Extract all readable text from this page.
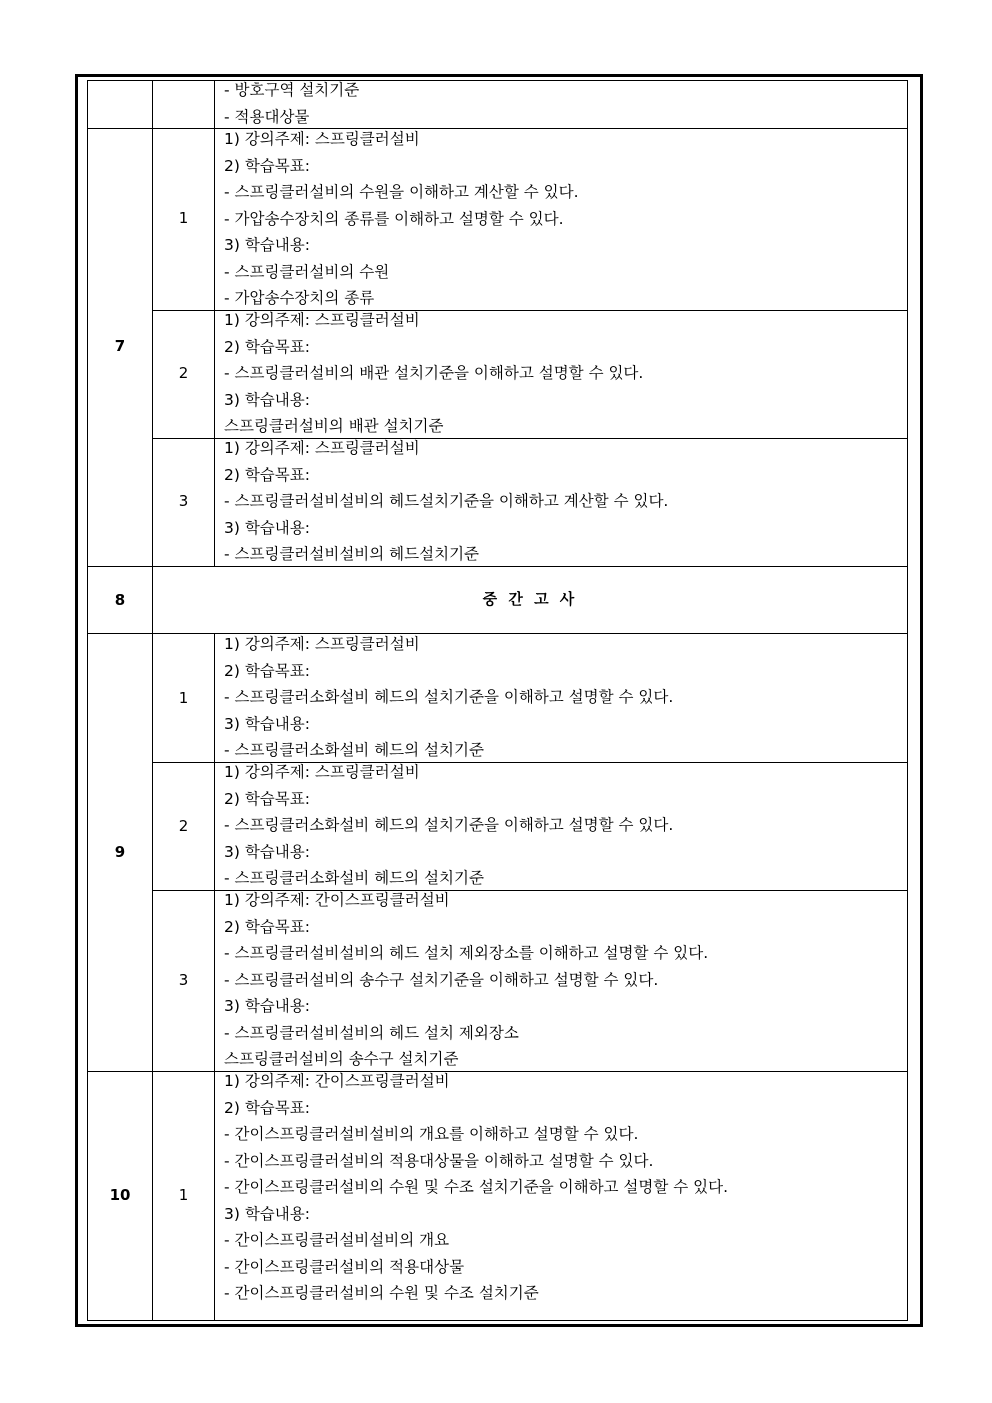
- 방호구역 설치기준
- 적용대상물
7
1
1) 강의주제: 스프링클러설비
2) 학습목표:
- 스프링클러설비의 수원을 이해하고 계산할 수 있다.
- 가압송수장치의 종류를 이해하고 설명할 수 있다.
3) 학습내용:
- 스프링클러설비의 수원
- 가압송수장치의 종류
2
1) 강의주제: 스프링클러설비
2) 학습목표:
- 스프링클러설비의 배관 설치기준을 이해하고 설명할 수 있다.
3) 학습내용:
스프링클러설비의 배관 설치기준
3
1) 강의주제: 스프링클러설비
2) 학습목표:
- 스프링클러설비설비의 헤드설치기준을 이해하고 계산할 수 있다.
3) 학습내용:
- 스프링클러설비설비의 헤드설치기준
8	중 간 고 사
9
1
1) 강의주제: 스프링클러설비
2) 학습목표:
- 스프링클러소화설비 헤드의 설치기준을 이해하고 설명할 수 있다.
3) 학습내용:
- 스프링클러소화설비 헤드의 설치기준
2
1) 강의주제: 스프링클러설비
2) 학습목표:
- 스프링클러소화설비 헤드의 설치기준을 이해하고 설명할 수 있다.
3) 학습내용:
- 스프링클러소화설비 헤드의 설치기준
3
1) 강의주제: 간이스프링클러설비
2) 학습목표:
- 스프링클러설비설비의 헤드 설치 제외장소를 이해하고 설명할 수 있다.
- 스프링클러설비의 송수구 설치기준을 이해하고 설명할 수 있다.
3) 학습내용:
- 스프링클러설비설비의 헤드 설치 제외장소
스프링클러설비의 송수구 설치기준
10	1
1) 강의주제: 간이스프링클러설비
2) 학습목표:
- 간이스프링클러설비설비의 개요를 이해하고 설명할 수 있다.
- 간이스프링클러설비의 적용대상물을 이해하고 설명할 수 있다.
- 간이스프링클러설비의 수원 및 수조 설치기준을 이해하고 설명할 수 있다.
3) 학습내용:
- 간이스프링클러설비설비의 개요
- 간이스프링클러설비의 적용대상물
- 간이스프링클러설비의 수원 및 수조 설치기준
